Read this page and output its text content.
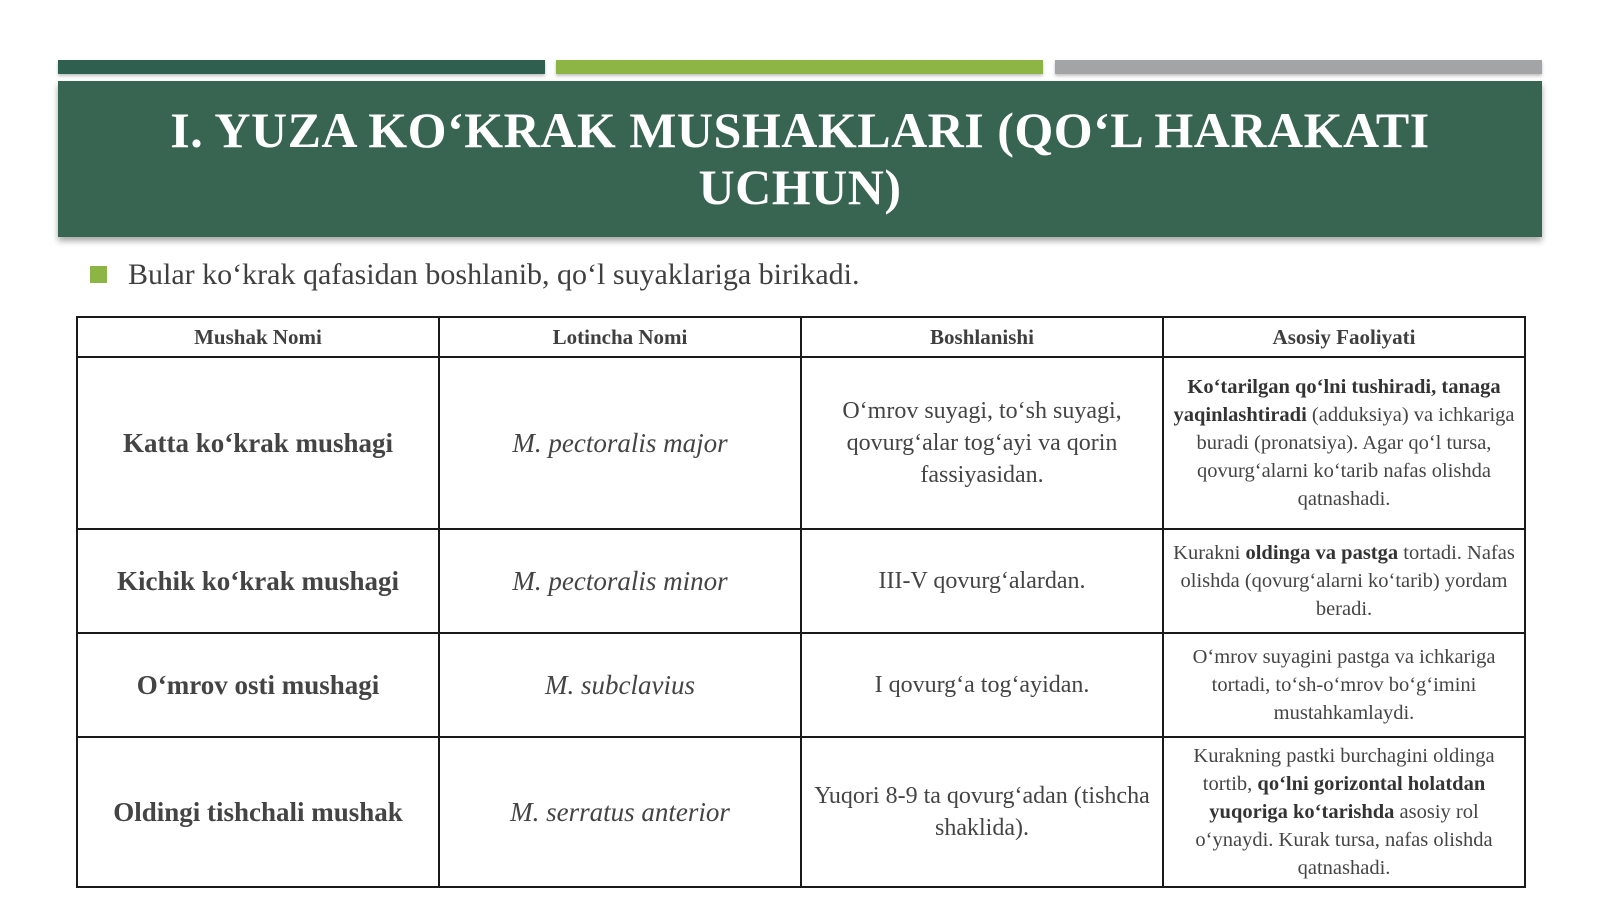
I. YUZA KO‘KRAK MUSHAKLARI (QO‘L HARAKATI UCHUN)
Bular ko‘krak qafasidan boshlanib, qo‘l suyaklariga birikadi.
Mushak Nomi	Lotincha Nomi	Boshlanishi	Asosiy Faoliyati
Katta ko‘krak mushagi	M. pectoralis major	O‘mrov suyagi, to‘sh suyagi, qovurg‘alar tog‘ayi va qorin fassiyasidan.	Ko‘tarilgan qo‘lni tushiradi, tanaga yaqinlashtiradi (adduksiya) va ichkariga buradi (pronatsiya). Agar qo‘l tursa, qovurg‘alarni ko‘tarib nafas olishda qatnashadi.
Kichik ko‘krak mushagi	M. pectoralis minor	III-V qovurg‘alardan.	Kurakni oldinga va pastga tortadi. Nafas olishda (qovurg‘alarni ko‘tarib) yordam beradi.
O‘mrov osti mushagi	M. subclavius	I qovurg‘a tog‘ayidan.	O‘mrov suyagini pastga va ichkariga tortadi, to‘sh-o‘mrov bo‘g‘imini mustahkamlaydi.
Oldingi tishchali mushak	M. serratus anterior	Yuqori 8-9 ta qovurg‘adan (tishcha shaklida).	Kurakning pastki burchagini oldinga tortib, qo‘lni gorizontal holatdan yuqoriga ko‘tarishda asosiy rol o‘ynaydi. Kurak tursa, nafas olishda qatnashadi.
